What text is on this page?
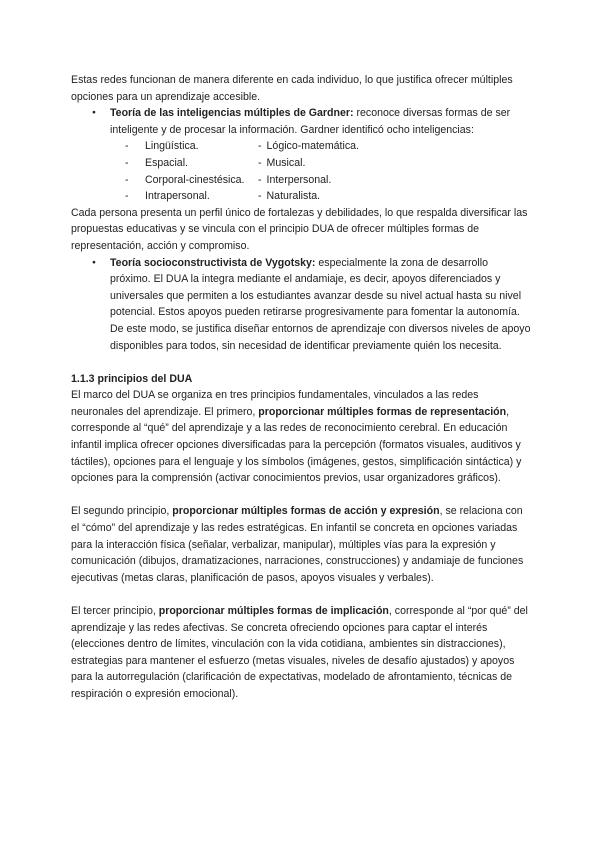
Estas redes funcionan de manera diferente en cada individuo, lo que justifica ofrecer múltiples opciones para un aprendizaje accesible.
●	Teoría de las inteligencias múltiples de Gardner: reconoce diversas formas de ser inteligente y de procesar la información. Gardner identificó ocho inteligencias:
-	Lingüística.	- Lógico-matemática.
-	Espacial.	- Musical.
-	Corporal-cinestésica.	- Interpersonal.
-	Intrapersonal.	- Naturalista.
Cada persona presenta un perfil único de fortalezas y debilidades, lo que respalda diversificar las propuestas educativas y se vincula con el principio DUA de ofrecer múltiples formas de representación, acción y compromiso.
●	Teoría socioconstructivista de Vygotsky: especialmente la zona de desarrollo próximo. El DUA la integra mediante el andamiaje, es decir, apoyos diferenciados y universales que permiten a los estudiantes avanzar desde su nivel actual hasta su nivel potencial. Estos apoyos pueden retirarse progresivamente para fomentar la autonomía. De este modo, se justifica diseñar entornos de aprendizaje con diversos niveles de apoyo disponibles para todos, sin necesidad de identificar previamente quién los necesita.
1.1.3 principios del DUA
El marco del DUA se organiza en tres principios fundamentales, vinculados a las redes neuronales del aprendizaje. El primero, proporcionar múltiples formas de representación, corresponde al “qué” del aprendizaje y a las redes de reconocimiento cerebral. En educación infantil implica ofrecer opciones diversificadas para la percepción (formatos visuales, auditivos y táctiles), opciones para el lenguaje y los símbolos (imágenes, gestos, simplificación sintáctica) y opciones para la comprensión (activar conocimientos previos, usar organizadores gráficos).
El segundo principio, proporcionar múltiples formas de acción y expresión, se relaciona con el “cómo” del aprendizaje y las redes estratégicas. En infantil se concreta en opciones variadas para la interacción física (señalar, verbalizar, manipular), múltiples vías para la expresión y comunicación (dibujos, dramatizaciones, narraciones, construcciones) y andamiaje de funciones ejecutivas (metas claras, planificación de pasos, apoyos visuales y verbales).
El tercer principio, proporcionar múltiples formas de implicación, corresponde al “por qué” del aprendizaje y las redes afectivas. Se concreta ofreciendo opciones para captar el interés (elecciones dentro de límites, vinculación con la vida cotidiana, ambientes sin distracciones), estrategias para mantener el esfuerzo (metas visuales, niveles de desafío ajustados) y apoyos para la autorregulación (clarificación de expectativas, modelado de afrontamiento, técnicas de respiración o expresión emocional).
